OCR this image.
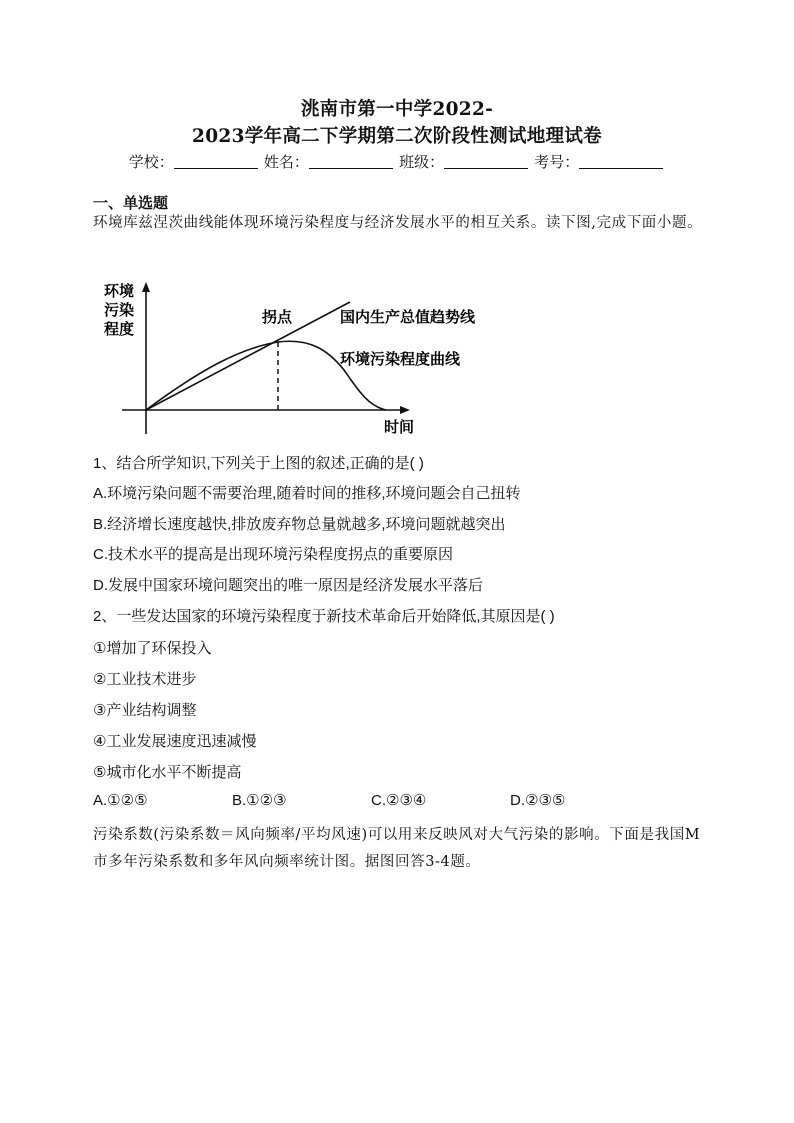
洮南市第一中学2022-
2023学年高二下学期第二次阶段性测试地理试卷
学校：	姓名：	班级：	考号：
一、单选题
环境库兹涅茨曲线能体现环境污染程度与经济发展水平的相互关系。读下图,完成下面小题。
环境
污染
程度
拐点	国内生产总值趋势线
环境污染程度曲线
时间
1、结合所学知识,下列关于上图的叙述,正确的是( )
A.环境污染问题不需要治理,随着时间的推移,环境问题会自己扭转
B.经济增长速度越快,排放废弃物总量就越多,环境问题就越突出
C.技术水平的提高是出现环境污染程度拐点的重要原因
D.发展中国家环境问题突出的唯一原因是经济发展水平落后
2、一些发达国家的环境污染程度于新技术革命后开始降低,其原因是( )
①增加了环保投入
②工业技术进步
③产业结构调整
④工业发展速度迅速减慢
⑤城市化水平不断提高
A.①②⑤	B.①②③	C.②③④	D.②③⑤
污染系数(污染系数＝风向频率/平均风速)可以用来反映风对大气污染的影响。下面是我国M市多年污染系数和多年风向频率统计图。据图回答3-4题。
